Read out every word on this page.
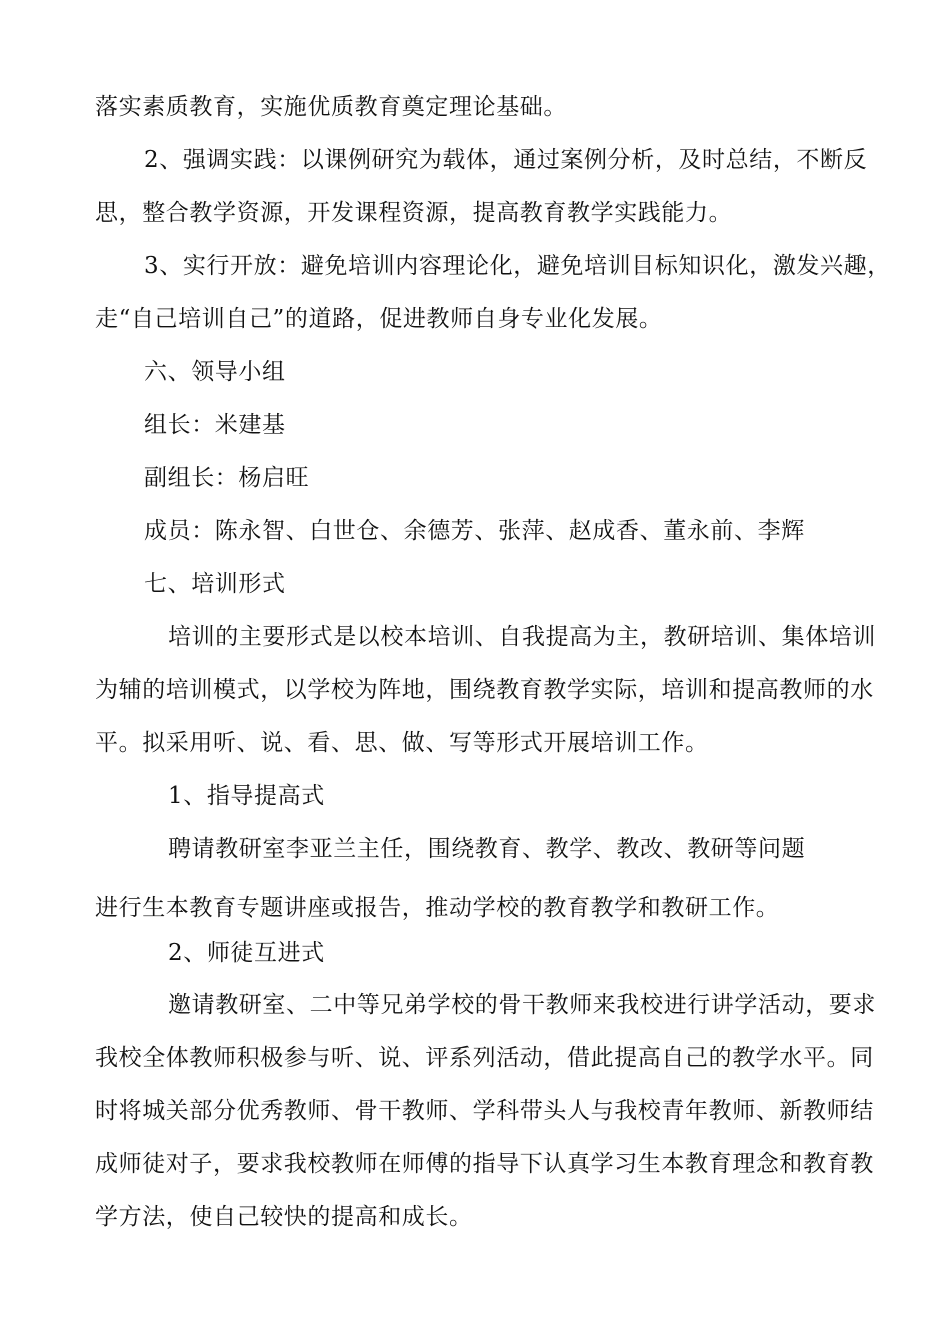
落实素质教育，实施优质教育奠定理论基础。
2、强调实践：以课例研究为载体，通过案例分析，及时总结，不断反
思，整合教学资源，开发课程资源，提高教育教学实践能力。
3、实行开放：避免培训内容理论化，避免培训目标知识化，激发兴趣，
走“自己培训自己”的道路，促进教师自身专业化发展。
六、领导小组
组长：米建基
副组长：杨启旺
成员：陈永智、白世仓、余德芳、张萍、赵成香、董永前、李辉
七、培训形式
培训的主要形式是以校本培训、自我提高为主，教研培训、集体培训
为辅的培训模式，以学校为阵地，围绕教育教学实际，培训和提高教师的水
平。拟采用听、说、看、思、做、写等形式开展培训工作。
1、指导提高式
聘请教研室李亚兰主任，围绕教育、教学、教改、教研等问题
进行生本教育专题讲座或报告，推动学校的教育教学和教研工作。
2、师徒互进式
邀请教研室、二中等兄弟学校的骨干教师来我校进行讲学活动，要求
我校全体教师积极参与听、说、评系列活动，借此提高自己的教学水平。同
时将城关部分优秀教师、骨干教师、学科带头人与我校青年教师、新教师结
成师徒对子，要求我校教师在师傅的指导下认真学习生本教育理念和教育教
学方法，使自己较快的提高和成长。
